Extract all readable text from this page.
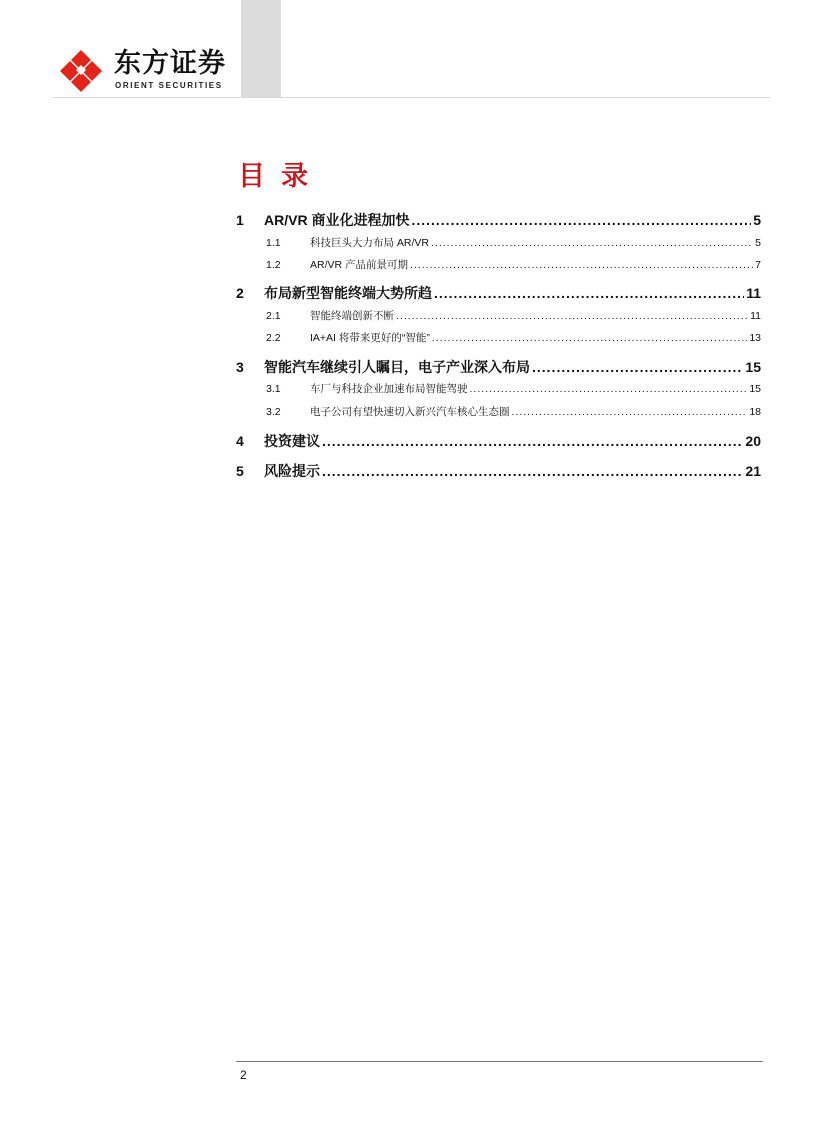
东方证券
ORIENT SECURITIES
目录
1	AR/VR 商业化进程加快 .....	5
1.1	科技巨头大力布局 AR/VR .....	5
1.2	AR/VR 产品前景可期 .....	7
2	布局新型智能终端大势所趋 .....	11
2.1	智能终端创新不断 .....	11
2.2	IA+AI 将带来更好的“智能” .....	13
3	智能汽车继续引人瞩目，电子产业深入布局 .....	15
3.1	车厂与科技企业加速布局智能驾驶 .....	15
3.2	电子公司有望快速切入新兴汽车核心生态圈 .....	18
4	投资建议 .....	20
5	风险提示 .....	21
2
